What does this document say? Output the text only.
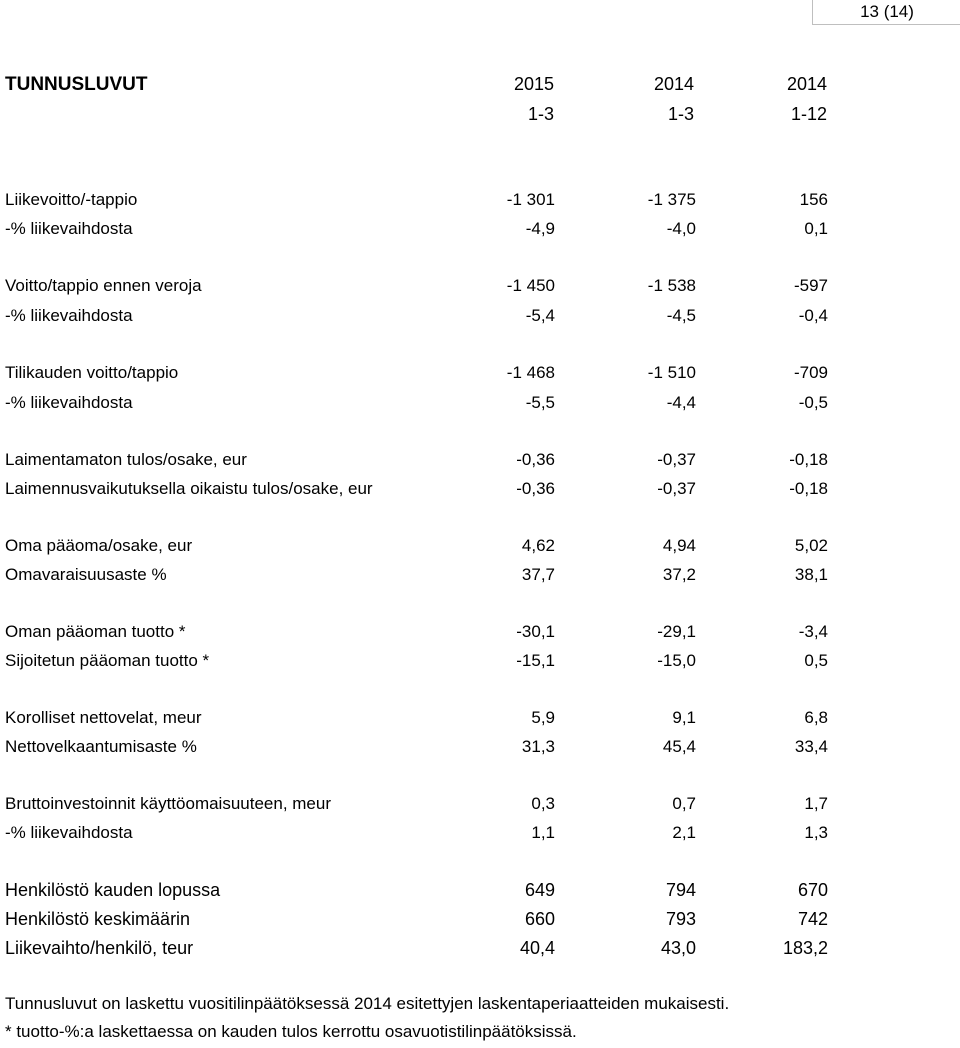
13 (14)
TUNNUSLUVUT	2015	2014	2014
1-3	1-3	1-12
Liikevoitto/-tappio	-1 301	-1 375	156
-% liikevaihdosta	-4,9	-4,0	0,1
Voitto/tappio ennen veroja	-1 450	-1 538	-597
-% liikevaihdosta	-5,4	-4,5	-0,4
Tilikauden voitto/tappio	-1 468	-1 510	-709
-% liikevaihdosta	-5,5	-4,4	-0,5
Laimentamaton tulos/osake, eur	-0,36	-0,37	-0,18
Laimennusvaikutuksella oikaistu tulos/osake, eur	-0,36	-0,37	-0,18
Oma pääoma/osake, eur	4,62	4,94	5,02
Omavaraisuusaste %	37,7	37,2	38,1
Oman pääoman tuotto *	-30,1	-29,1	-3,4
Sijoitetun pääoman tuotto *	-15,1	-15,0	0,5
Korolliset nettovelat, meur	5,9	9,1	6,8
Nettovelkaantumisaste %	31,3	45,4	33,4
Bruttoinvestoinnit käyttöomaisuuteen, meur	0,3	0,7	1,7
-% liikevaihdosta	1,1	2,1	1,3
Henkilöstö kauden lopussa	649	794	670
Henkilöstö keskimäärin	660	793	742
Liikevaihto/henkilö, teur	40,4	43,0	183,2
Tunnusluvut on laskettu vuositilinpäätöksessä 2014 esitettyjen laskentaperiaatteiden mukaisesti.
* tuotto-%:a laskettaessa on kauden tulos kerrottu osavuotistilinpäätöksissä.
